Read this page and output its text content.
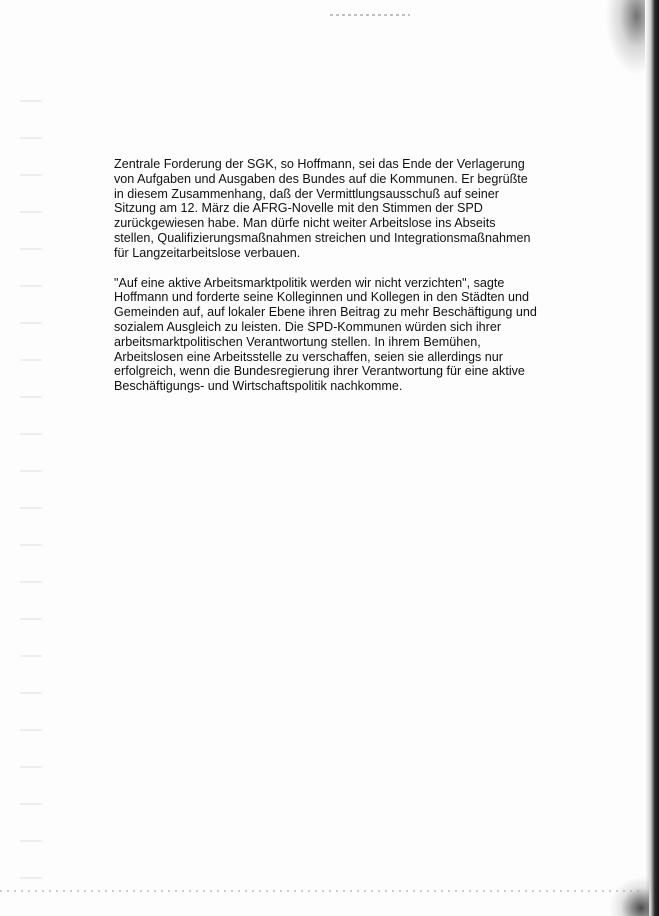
Zentrale Forderung der SGK, so Hoffmann, sei das Ende der Verlagerung
von Aufgaben und Ausgaben des Bundes auf die Kommunen. Er begrüßte
in diesem Zusammenhang, daß der Vermittlungsausschuß auf seiner
Sitzung am 12. März die AFRG-Novelle mit den Stimmen der SPD
zurückgewiesen habe. Man dürfe nicht weiter Arbeitslose ins Abseits
stellen, Qualifizierungsmaßnahmen streichen und Integrationsmaßnahmen
für Langzeitarbeitslose verbauen.

"Auf eine aktive Arbeitsmarktpolitik werden wir nicht verzichten", sagte
Hoffmann und forderte seine Kolleginnen und Kollegen in den Städten und
Gemeinden auf, auf lokaler Ebene ihren Beitrag zu mehr Beschäftigung und
sozialem Ausgleich zu leisten. Die SPD-Kommunen würden sich ihrer
arbeitsmarktpolitischen Verantwortung stellen. In ihrem Bemühen,
Arbeitslosen eine Arbeitsstelle zu verschaffen, seien sie allerdings nur
erfolgreich, wenn die Bundesregierung ihrer Verantwortung für eine aktive
Beschäftigungs- und Wirtschaftspolitik nachkomme.
